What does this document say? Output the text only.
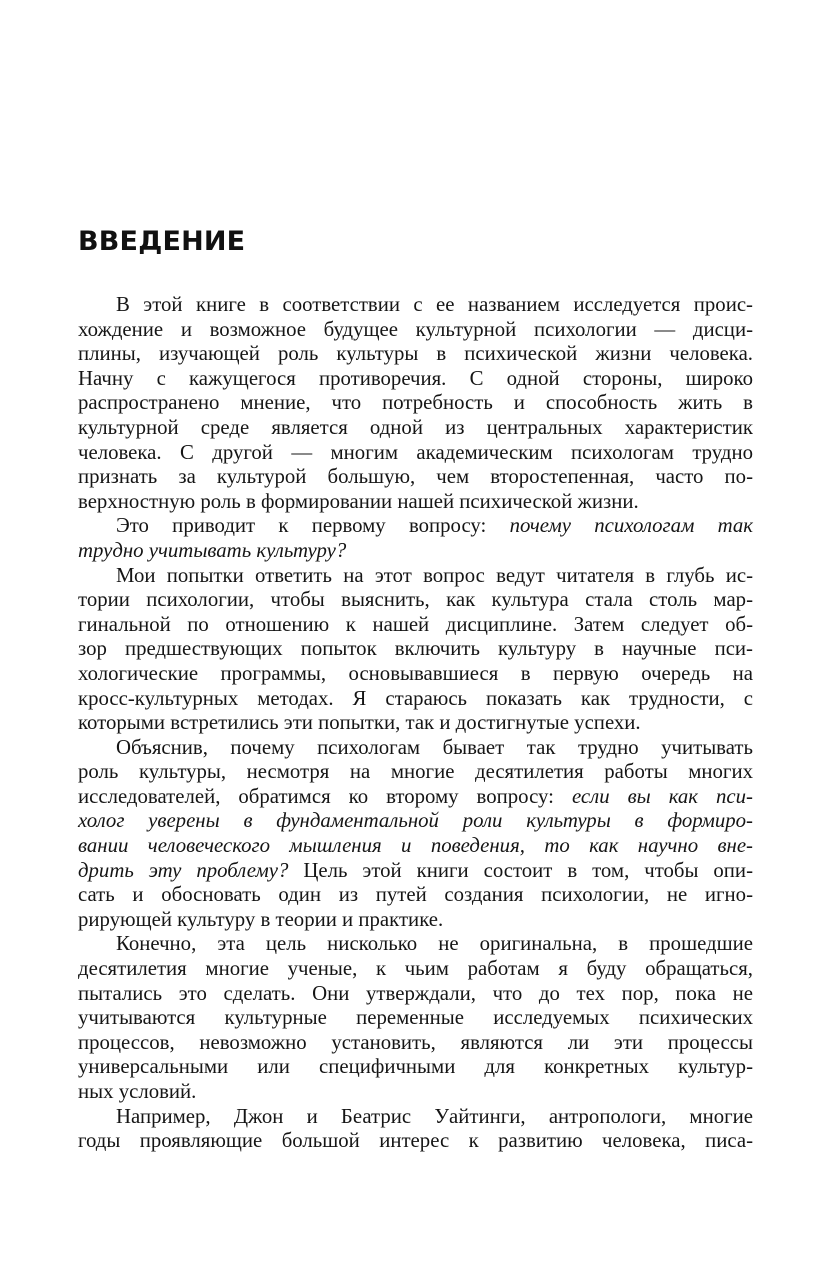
ВВЕДЕНИЕ

В этой книге в соответствии с ее названием исследуется проис-
хождение и возможное будущее культурной психологии — дисци-
плины, изучающей роль культуры в психической жизни человека.
Начну с кажущегося противоречия. С одной стороны, широко
распространено мнение, что потребность и способность жить в
культурной среде является одной из центральных характеристик
человека. С другой — многим академическим психологам трудно
признать за культурой большую, чем второстепенная, часто по-
верхностную роль в формировании нашей психической жизни.

Это приводит к первому вопросу: почему психологам так
трудно учитывать культуру?

Мои попытки ответить на этот вопрос ведут читателя в глубь ис-
тории психологии, чтобы выяснить, как культура стала столь мар-
гинальной по отношению к нашей дисциплине. Затем следует об-
зор предшествующих попыток включить культуру в научные пси-
хологические программы, основывавшиеся в первую очередь на
кросс-культурных методах. Я стараюсь показать как трудности, с
которыми встретились эти попытки, так и достигнутые успехи.

Объяснив, почему психологам бывает так трудно учитывать
роль культуры, несмотря на многие десятилетия работы многих
исследователей, обратимся ко второму вопросу: если вы как пси-
холог уверены в фундаментальной роли культуры в формиро-
вании человеческого мышления и поведения, то как научно вне-
дрить эту проблему? Цель этой книги состоит в том, чтобы опи-
сать и обосновать один из путей создания психологии, не игно-
рирующей культуру в теории и практике.

Конечно, эта цель нисколько не оригинальна, в прошедшие
десятилетия многие ученые, к чьим работам я буду обращаться,
пытались это сделать. Они утверждали, что до тех пор, пока не
учитываются культурные переменные исследуемых психических
процессов, невозможно установить, являются ли эти процессы
универсальными или специфичными для конкретных культур-
ных условий.

Например, Джон и Беатрис Уайтинги, антропологи, многие
годы проявляющие большой интерес к развитию человека, писа-
